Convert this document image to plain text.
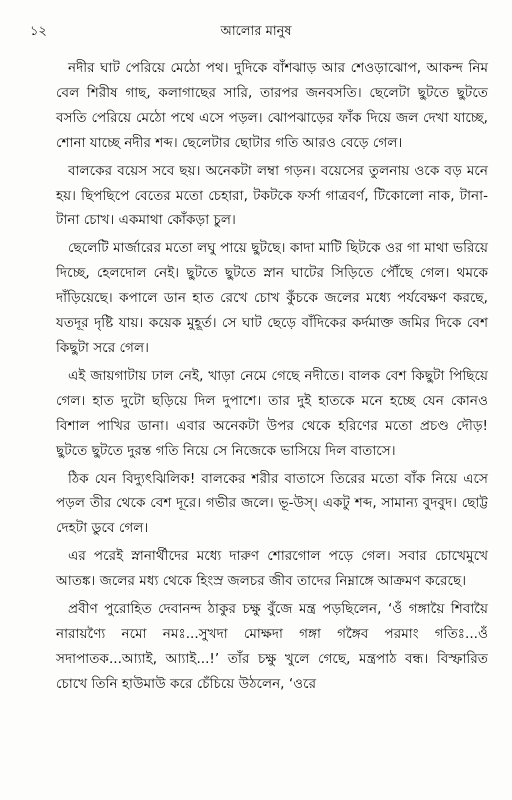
১২	আলোর মানুষ

নদীর ঘাট পেরিয়ে মেঠো পথ। দুদিকে বাঁশঝাড় আর শেওড়াঝোপ, আকন্দ নিম বেল শিরীষ গাছ, কলাগাছের সারি, তারপর জনবসতি। ছেলেটা ছুটতে ছুটতে বসতি পেরিয়ে মেঠো পথে এসে পড়ল। ঝোপঝাড়ের ফাঁক দিয়ে জল দেখা যাচ্ছে, শোনা যাচ্ছে নদীর শব্দ। ছেলেটার ছোটার গতি আরও বেড়ে গেল।

বালকের বয়েস সবে ছয়। অনেকটা লম্বা গড়ন। বয়েসের তুলনায় ওকে বড় মনে হয়। ছিপছিপে বেতের মতো চেহারা, টকটকে ফর্সা গাত্রবর্ণ, টিকোলো নাক, টানা-টানা চোখ। একমাথা কোঁকড়া চুল।

ছেলেটি মার্জারের মতো লঘু পায়ে ছুটছে। কাদা মাটি ছিটকে ওর গা মাথা ভরিয়ে দিচ্ছে, হেলদোল নেই। ছুটতে ছুটতে স্নান ঘাটের সিড়িতে পৌঁছে গেল। থমকে দাঁড়িয়েছে। কপালে ডান হাত রেখে চোখ কুঁচকে জলের মধ্যে পর্যবেক্ষণ করছে, যতদূর দৃষ্টি যায়। কয়েক মুহূর্ত। সে ঘাট ছেড়ে বাঁদিকের কর্দমাক্ত জমির দিকে বেশ কিছুটা সরে গেল।

এই জায়গাটায় ঢাল নেই, খাড়া নেমে গেছে নদীতে। বালক বেশ কিছুটা পিছিয়ে গেল। হাত দুটো ছড়িয়ে দিল দুপাশে। তার দুই হাতকে মনে হচ্ছে যেন কোনও বিশাল পাখির ডানা। এবার অনেকটা উপর থেকে হরিণের মতো প্রচণ্ড দৌড়! ছুটতে ছুটতে দুরন্ত গতি নিয়ে সে নিজেকে ভাসিয়ে দিল বাতাসে।

ঠিক যেন বিদ্যুৎঝিলিক! বালকের শরীর বাতাসে তিরের মতো বাঁক নিয়ে এসে পড়ল তীর থেকে বেশ দূরে। গভীর জলে। ভূ-উস্। একটু শব্দ, সামান্য বুদবুদ। ছোট্ট দেহটা ডুবে গেল।

এর পরেই স্নানার্থীদের মধ্যে দারুণ শোরগোল পড়ে গেল। সবার চোখেমুখে আতঙ্ক। জলের মধ্য থেকে হিংস্র জলচর জীব তাদের নিম্নাঙ্গে আক্রমণ করেছে।

প্রবীণ পুরোহিত দেবানন্দ ঠাকুর চক্ষু বুঁজে মন্ত্র পড়ছিলেন, ‘ওঁ গঙ্গায়ৈ শিবায়ৈ নারায়ণ্যৈ নমো নমঃ...সুখদা মোক্ষদা গঙ্গা গঙ্গৈব পরমাং গতিঃ...ওঁ সদাপাতক...আ্যাই, আ্যাই...!’ তাঁর চক্ষু খুলে গেছে, মন্ত্রপাঠ বন্ধ। বিস্ফারিত চোখে তিনি হাউমাউ করে চেঁচিয়ে উঠলেন, ‘ওরে
